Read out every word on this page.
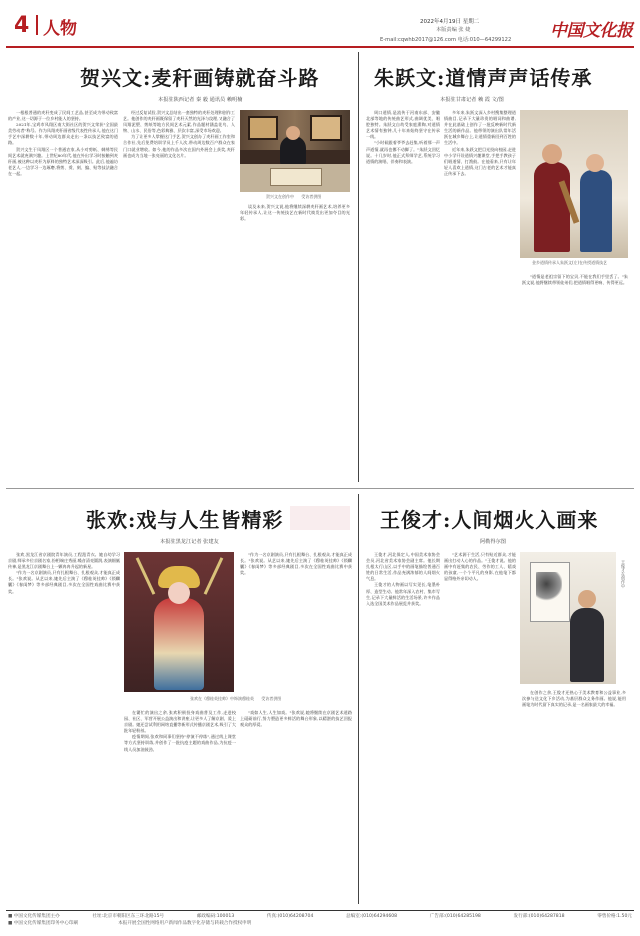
4 人物	2022年4月19日 星期二
本版责编 张 婕
E-mail:cqwhb2017@126.com 电话:010—64299122 中国文化报
贺兴文:麦秆画铸就奋斗路
本报驻陕西记者 秦 毅 通讯员 赖明楠
贺兴文在创作中 受访者供图
一根根普通的麦秆变成了民间工艺品,甚至成为带动致富的产业,这一切源于一位乡村能人的坚持。
2021年,宝鸡市凤翔区南大街社区的贺兴文荣获"全国最美劳动者"称号。作为凤翔麦秆画省级代表性传承人,他在这门手艺中深耕数十年,带动周边群众走出一条以技艺致富的道路。
贺兴文生于凤翔区一个普通农家,从小对剪纸、刺绣等民间艺术就充满兴趣。上世纪80年代,他在外出学习时接触到麦秆画,被这种以麦秆为原料的独特艺术深深吸引。此后,他遍访老艺人,一边学习一边琢磨,将剪、烫、刻、编、贴等技法融合在一起。
经过反复试验,贺兴文总结出一套独特的麦秆处理和创作工艺。他创作的麦秆画既保留了麦秆天然的光泽与纹理,又融合了凤翔泥塑、剪纸等地方民间艺术元素,作品题材涵盖花鸟、人物、山水、民俗等,色彩典雅、层次丰富,深受市场欢迎。
为了让更多人掌握这门手艺,贺兴文创办了麦秆画工作室和合作社,先后免费培训学员上千人次,带动周边数百户群众在家门口就业增收。如今,他的作品多次在国内外展会上获奖,麦秆画也成为当地一张亮丽的文化名片。
谈及未来,贺兴文说,他将继续深耕麦秆画艺术,培养更多年轻传承人,让这一传统技艺在新时代焕发出更加夺目的光彩。
朱跃文:道情声声话传承
本报驻甘肃记者 赖 霞 文/图
金乡道情传承人朱跃文(左)在传授道情技艺
周口道情,是流传于河南东部、安徽北部等地的传统曲艺形式,曲调优美、唱腔独特。朱跃文自幼受家庭熏陶,对道情艺术情有独钟,几十年来始终坚守在传承一线。
"小时候跟着爷爷去赶集,听着那一声声道情,就再也挪不动脚了。"朱跃文回忆说。十几岁时,他正式拜师学艺,系统学习道情的演唱、伴奏和表演。
多年来,朱跃文深入乡村搜集整理道情曲目,记录下大量珍贵的唱词和曲谱,并在此基础上创作了一批反映新时代新生活的新作品。他带领的演出队常年活跃在城乡舞台上,让道情重新回到百姓的生活中。
近年来,朱跃文把目光投向校园,走进中小学开设道情兴趣课堂,手把手教孩子们唱道情、打渔鼓。在他看来,只有让年轻人喜欢上道情,这门古老的艺术才能真正传承下去。
"道情是老祖宗留下的宝贝,不能在我们手里丢了。"朱跃文说,他将继续带领徒弟们,把道情唱得更响、传得更远。
张欢:戏与人生皆精彩
本报驻黑龙江记者 张建友
张欢在《穆桂英挂帅》中饰演穆桂英 受访者供图
张欢,黑龙江省京剧院青年演员,工程派青衣。她自幼学习京剧,师承多位京剧名家,扮相端庄秀丽,嗓音清亮圆润,表演细腻传神,是黑龙江京剧舞台上一颗冉冉升起的新星。
"作为一名京剧演员,只有扎根舞台、扎根观众,才能真正成长。"张欢说。从艺以来,她先后主演了《穆桂英挂帅》《锁麟囊》《春闺梦》等多部经典剧目,多次在全国性戏曲比赛中获奖。
在繁忙的演出之余,张欢积极投身戏曲普及工作,走进校园、社区、军营开展公益演出和讲座,让更多人了解京剧、爱上京剧。她还尝试利用网络直播等新形式传播京剧艺术,吸引了大批年轻粉丝。
疫情期间,张欢和同事们坚持"停演不停练",通过线上课堂等方式坚持训练,并创作了一批抗疫主题的戏曲作品,为抗疫一线人员加油鼓劲。
"戏如人生,人生如戏。"张欢说,她将继续在京剧艺术道路上砥砺前行,努力塑造更多鲜活的舞台形象,以精湛的技艺回报观众的厚爱。
"作为一名京剧演员,只有扎根舞台、扎根观众,才能真正成长。"张欢说。从艺以来,她先后主演了《穆桂英挂帅》《锁麟囊》《春闺梦》等多部经典剧目,多次在全国性戏曲比赛中获奖。
王俊才:人间烟火入画来
阿勒得尔图
王俊才在创作中
王俊才,河北保定人,中国美术家协会会员,河北省美术家协会副主席。他长期扎根太行山区,以手中的画笔描绘普通百姓的日常生活,作品充满浓郁的人间烟火气息。
王俊才的人物画以写实见长,笔墨朴厚、造型生动。他常年深入农村、集市写生,记录下大量鲜活的生活场景,许多作品入选全国美术作品展览并获奖。
"艺术源于生活,只有贴近群众,才能画出打动人心的作品。"王俊才说。他的画中有赶集的农民、劳作的工人、嬉戏的孩童,一个个平凡的身影,在他笔下都显得格外亲切动人。
在创作之余,王俊才还热心于美术教育和公益事业,多次参与送文化下乡活动,为基层群众义务作画。他说,能用画笔为时代留下真实的记录,是一名画家最大的幸福。
■ 中国文化传媒集团主办	社址:北京市朝阳区东三环北路15号	邮政编码:100013	传真:(010)64208704	总编室:(010)64294608	广告部:(010)64285198	发行部:(010)64287818	零售价格:1.50元
■ 中国文化传媒集团印务中心印刷	本报开展全国性网络用户新闻作品数字化存储与转载合作授权申明
